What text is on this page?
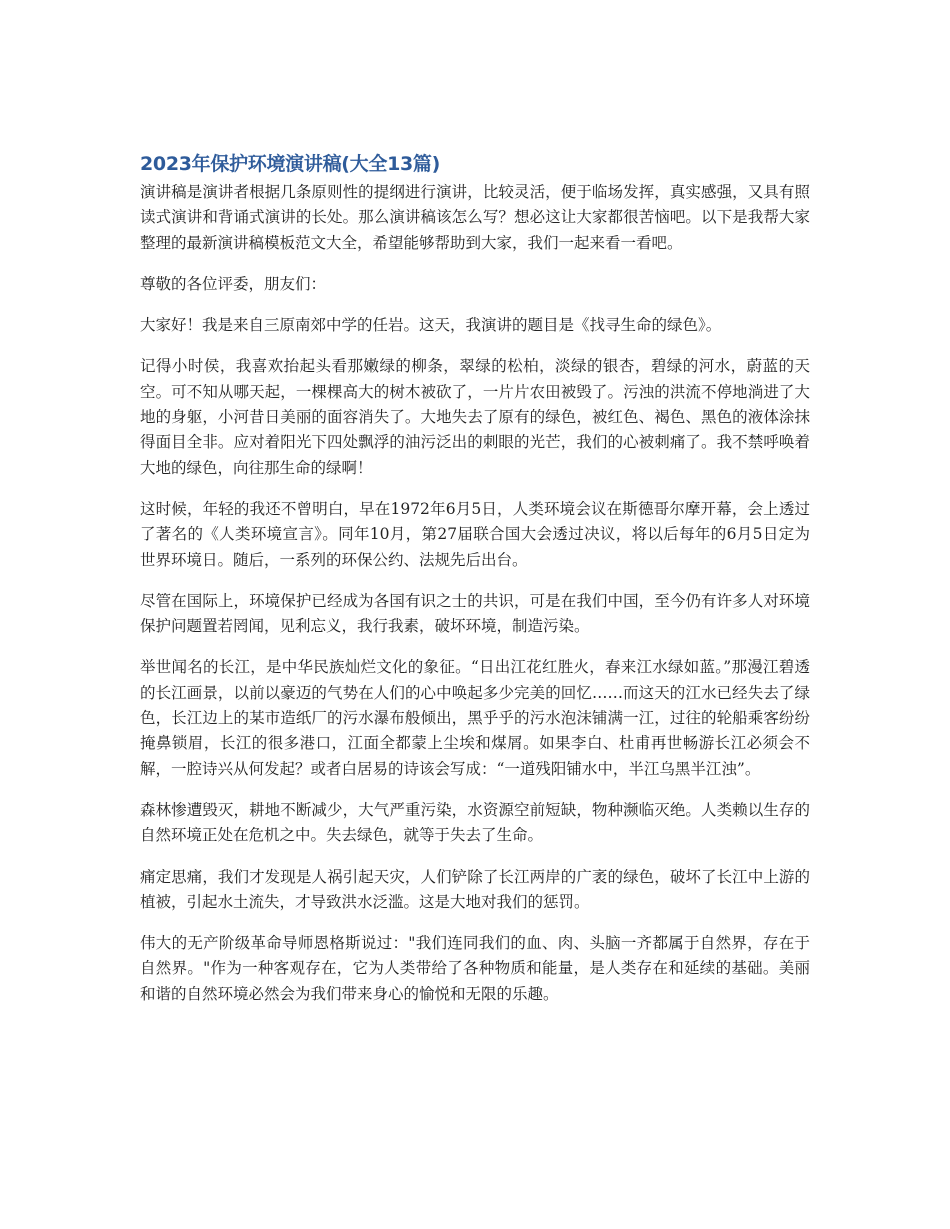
2023年保护环境演讲稿(大全13篇)

演讲稿是演讲者根据几条原则性的提纲进行演讲，比较灵活，便于临场发挥，真实感强，又具有照读式演讲和背诵式演讲的长处。那么演讲稿该怎么写？想必这让大家都很苦恼吧。以下是我帮大家整理的最新演讲稿模板范文大全，希望能够帮助到大家，我们一起来看一看吧。

尊敬的各位评委，朋友们：

大家好！我是来自三原南郊中学的任岩。这天，我演讲的题目是《找寻生命的绿色》。

记得小时侯，我喜欢抬起头看那嫩绿的柳条，翠绿的松柏，淡绿的银杏，碧绿的河水，蔚蓝的天空。可不知从哪天起，一棵棵高大的树木被砍了，一片片农田被毁了。污浊的洪流不停地淌进了大地的身躯，小河昔日美丽的面容消失了。大地失去了原有的绿色，被红色、褐色、黑色的液体涂抹得面目全非。应对着阳光下四处飘浮的油污泛出的刺眼的光芒，我们的心被刺痛了。我不禁呼唤着大地的绿色，向往那生命的绿啊！

这时候，年轻的我还不曾明白，早在1972年6月5日，人类环境会议在斯德哥尔摩开幕，会上透过了著名的《人类环境宣言》。同年10月，第27届联合国大会透过决议，将以后每年的6月5日定为世界环境日。随后，一系列的环保公约、法规先后出台。

尽管在国际上，环境保护已经成为各国有识之士的共识，可是在我们中国，至今仍有许多人对环境保护问题置若罔闻，见利忘义，我行我素，破坏环境，制造污染。

举世闻名的长江，是中华民族灿烂文化的象征。“日出江花红胜火，春来江水绿如蓝。”那漫江碧透的长江画景，以前以豪迈的气势在人们的心中唤起多少完美的回忆……而这天的江水已经失去了绿色，长江边上的某市造纸厂的污水瀑布般倾出，黑乎乎的污水泡沫铺满一江，过往的轮船乘客纷纷掩鼻锁眉，长江的很多港口，江面全都蒙上尘埃和煤屑。如果李白、杜甫再世畅游长江必须会不解，一腔诗兴从何发起？或者白居易的诗该会写成：“一道残阳铺水中，半江乌黑半江浊”。

森林惨遭毁灭，耕地不断减少，大气严重污染，水资源空前短缺，物种濒临灭绝。人类赖以生存的自然环境正处在危机之中。失去绿色，就等于失去了生命。

痛定思痛，我们才发现是人祸引起天灾，人们铲除了长江两岸的广袤的绿色，破坏了长江中上游的植被，引起水土流失，才导致洪水泛滥。这是大地对我们的惩罚。

伟大的无产阶级革命导师恩格斯说过："我们连同我们的血、肉、头脑一齐都属于自然界，存在于自然界。"作为一种客观存在，它为人类带给了各种物质和能量，是人类存在和延续的基础。美丽和谐的自然环境必然会为我们带来身心的愉悦和无限的乐趣。
